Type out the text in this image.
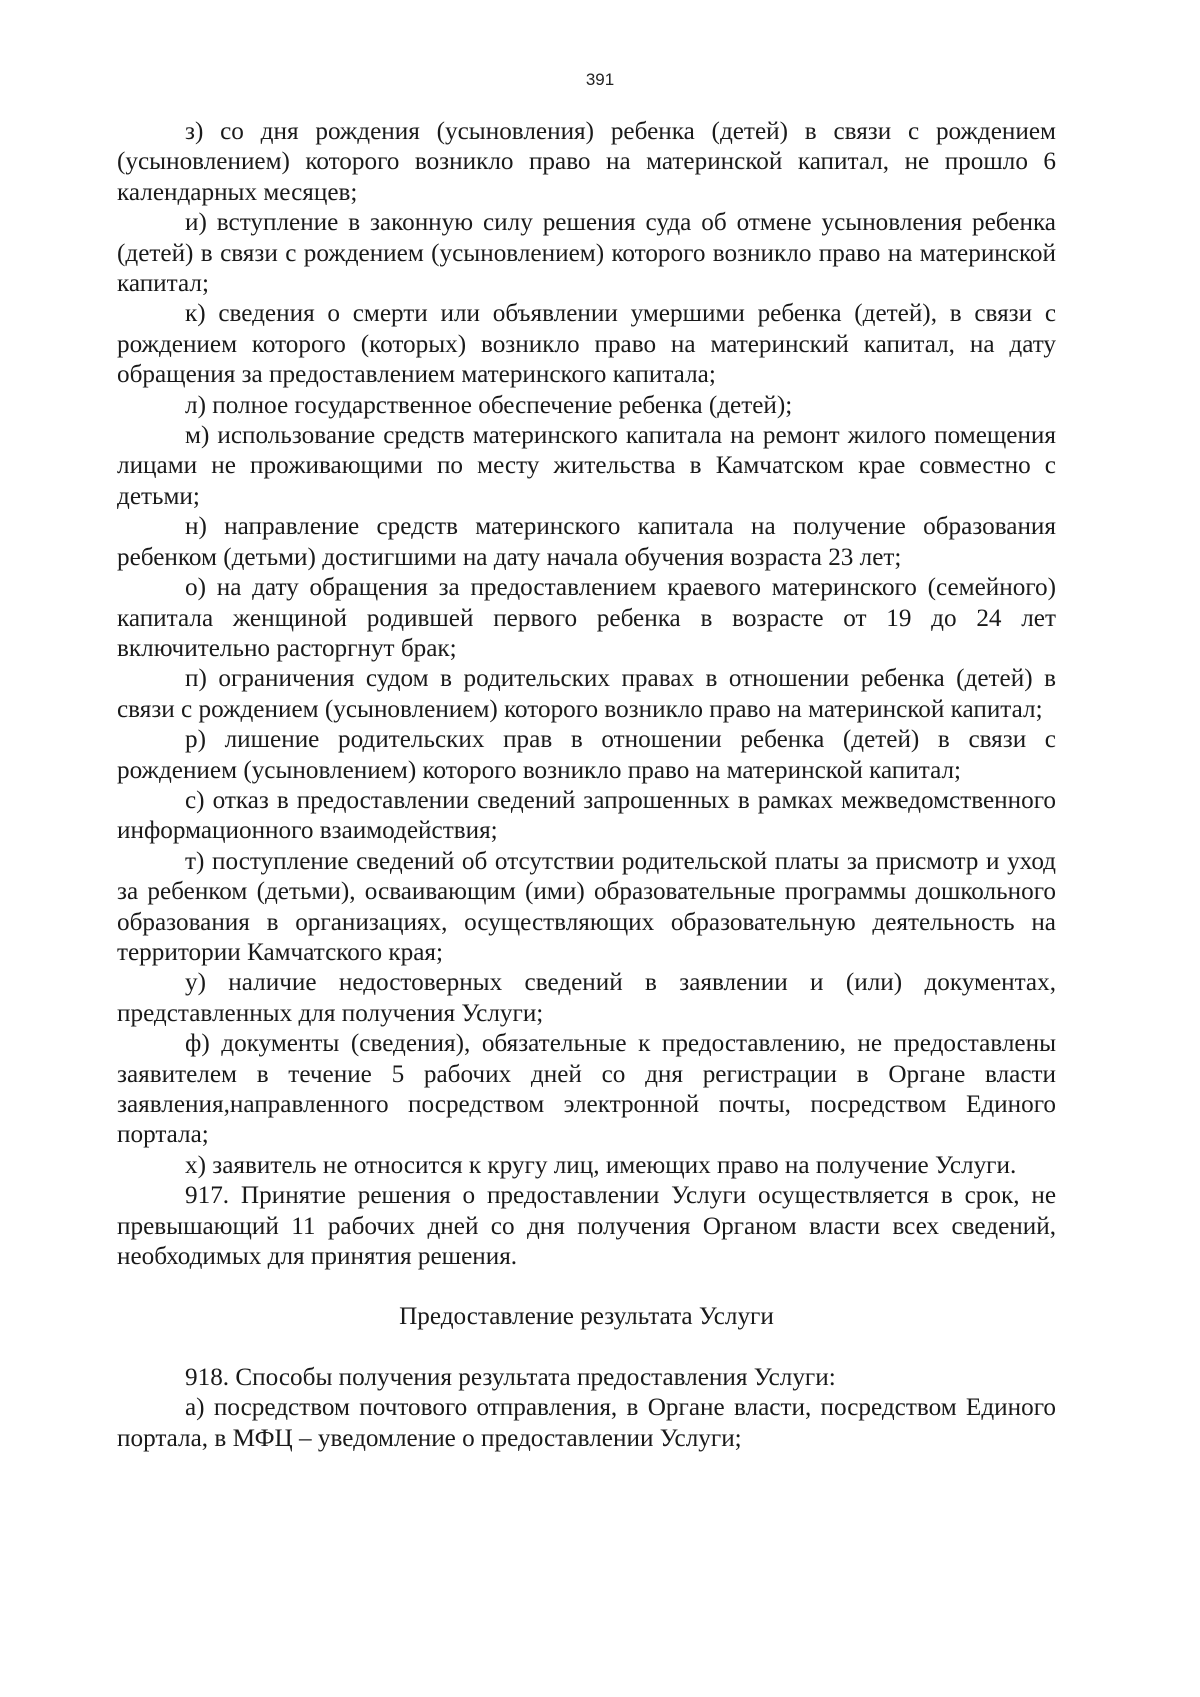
391

з) со дня рождения (усыновления) ребенка (детей) в связи с рождением (усыновлением) которого возникло право на материнской капитал, не прошло 6 календарных месяцев;

и) вступление в законную силу решения суда об отмене усыновления ребенка (детей) в связи с рождением (усыновлением) которого возникло право на материнской капитал;

к) сведения о смерти или объявлении умершими ребенка (детей), в связи с рождением которого (которых) возникло право на материнский капитал, на дату обращения за предоставлением материнского капитала;

л) полное государственное обеспечение ребенка (детей);

м) использование средств материнского капитала на ремонт жилого помещения лицами не проживающими по месту жительства в Камчатском крае совместно с детьми;

н) направление средств материнского капитала на получение образования ребенком (детьми) достигшими на дату начала обучения возраста 23 лет;

о) на дату обращения за предоставлением краевого материнского (семейного) капитала женщиной родившей первого ребенка в возрасте от 19 до 24 лет включительно расторгнут брак;

п) ограничения судом в родительских правах в отношении ребенка (детей) в связи с рождением (усыновлением) которого возникло право на материнской капитал;

р) лишение родительских прав в отношении ребенка (детей) в связи с рождением (усыновлением) которого возникло право на материнской капитал;

с) отказ в предоставлении сведений запрошенных в рамках межведомственного информационного взаимодействия;

т) поступление сведений об отсутствии родительской платы за присмотр и уход за ребенком (детьми), осваивающим (ими) образовательные программы дошкольного образования в организациях, осуществляющих образовательную деятельность на территории Камчатского края;

у) наличие недостоверных сведений в заявлении и (или) документах, представленных для получения Услуги;

ф) документы (сведения), обязательные к предоставлению, не предоставлены заявителем в течение 5 рабочих дней со дня регистрации в Органе власти заявления,направленного посредством электронной почты, посредством Единого портала;

х) заявитель не относится к кругу лиц, имеющих право на получение Услуги.

917. Принятие решения о предоставлении Услуги осуществляется в срок, не превышающий 11 рабочих дней со дня получения Органом власти всех сведений, необходимых для принятия решения.

Предоставление результата Услуги

918. Способы получения результата предоставления Услуги:

а) посредством почтового отправления, в Органе власти, посредством Единого портала, в МФЦ – уведомление о предоставлении Услуги;
